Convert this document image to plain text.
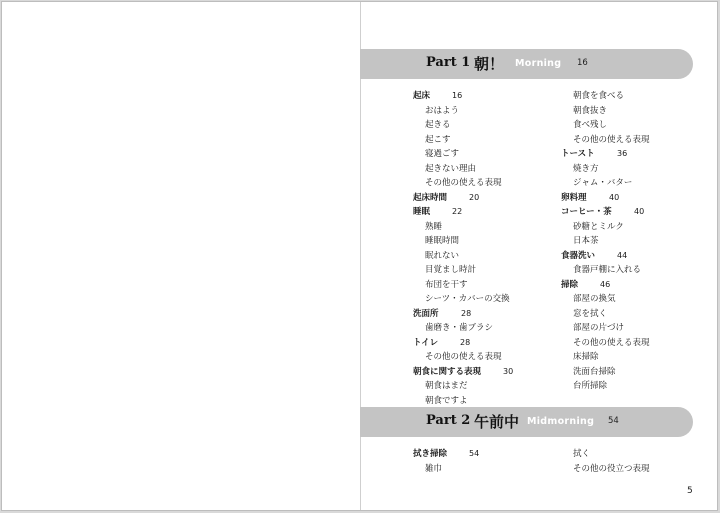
Part 1 朝！ Morning 16
起床	16
おはよう
起きる
起こす
寝過ごす
起きない理由
その他の使える表現
起床時間	20
睡眠	22
熟睡
睡眠時間
眠れない
目覚まし時計
布団を干す
シーツ・カバーの交換
洗面所	28
歯磨き・歯ブラシ
トイレ	28
その他の使える表現
朝食に関する表現	30
朝食はまだ
朝食ですよ
朝食を食べる
朝食抜き
食べ残し
その他の使える表現
トースト	36
焼き方
ジャム・バター
卵料理	40
コーヒー・茶	40
砂糖とミルク
日本茶
食器洗い	44
食器戸棚に入れる
掃除	46
部屋の換気
窓を拭く
部屋の片づけ
その他の使える表現
床掃除
洗面台掃除
台所掃除
Part 2 午前中 Midmorning 54
拭き掃除	54
雑巾
拭く
その他の役立つ表現
5
